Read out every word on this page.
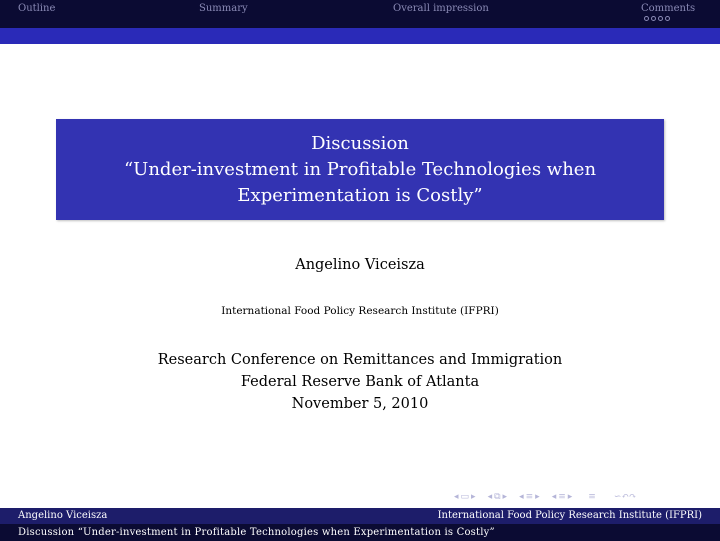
Outline	Summary	Overall impression	Comments
Discussion
“Under-investment in Profitable Technologies when
Experimentation is Costly”
Angelino Viceisza
International Food Policy Research Institute (IFPRI)
Research Conference on Remittances and Immigration
Federal Reserve Bank of Atlanta
November 5, 2010
◂ ▭ ▸ ◂ ⧉ ▸ ◂ ≡ ▸ ◂ ≡ ▸ ≡ ∽↶↷
Angelino Viceisza	International Food Policy Research Institute (IFPRI)
Discussion “Under-investment in Profitable Technologies when Experimentation is Costly”
